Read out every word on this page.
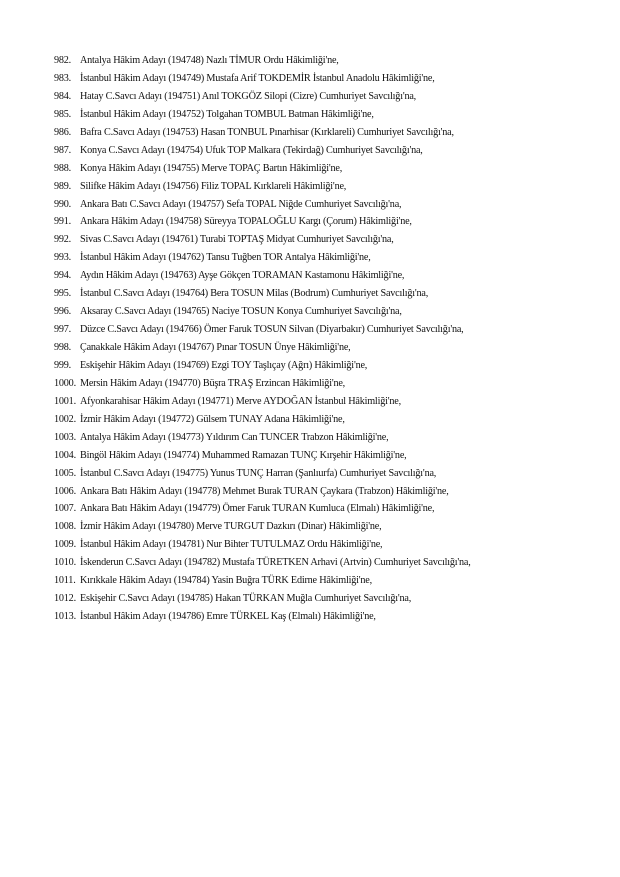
982. Antalya Hâkim Adayı (194748) Nazlı TİMUR Ordu Hâkimliği'ne,
983. İstanbul Hâkim Adayı (194749) Mustafa Arif TOKDEMİR İstanbul Anadolu Hâkimliği'ne,
984. Hatay C.Savcı Adayı (194751) Anıl TOKGÖZ Silopi (Cizre) Cumhuriyet Savcılığı'na,
985. İstanbul Hâkim Adayı (194752) Tolgahan TOMBUL Batman Hâkimliği'ne,
986. Bafra C.Savcı Adayı (194753) Hasan TONBUL Pınarhisar (Kırklareli) Cumhuriyet Savcılığı'na,
987. Konya C.Savcı Adayı (194754) Ufuk TOP Malkara (Tekirdağ) Cumhuriyet Savcılığı'na,
988. Konya Hâkim Adayı (194755) Merve TOPAÇ Bartın Hâkimliği'ne,
989. Silifke Hâkim Adayı (194756) Filiz TOPAL Kırklareli Hâkimliği'ne,
990. Ankara Batı C.Savcı Adayı (194757) Sefa TOPAL Niğde Cumhuriyet Savcılığı'na,
991. Ankara Hâkim Adayı (194758) Süreyya TOPALOĞLU Kargı (Çorum) Hâkimliği'ne,
992. Sivas C.Savcı Adayı (194761) Turabi TOPTAŞ Midyat Cumhuriyet Savcılığı'na,
993. İstanbul Hâkim Adayı (194762) Tansu Tuğben TOR Antalya Hâkimliği'ne,
994. Aydın Hâkim Adayı (194763) Ayşe Gökçen TORAMAN Kastamonu Hâkimliği'ne,
995. İstanbul C.Savcı Adayı (194764) Bera TOSUN Milas (Bodrum) Cumhuriyet Savcılığı'na,
996. Aksaray C.Savcı Adayı (194765) Naciye TOSUN Konya Cumhuriyet Savcılığı'na,
997. Düzce C.Savcı Adayı (194766) Ömer Faruk TOSUN Silvan (Diyarbakır) Cumhuriyet Savcılığı'na,
998. Çanakkale Hâkim Adayı (194767) Pınar TOSUN Ünye Hâkimliği'ne,
999. Eskişehir Hâkim Adayı (194769) Ezgi TOY Taşlıçay (Ağrı) Hâkimliği'ne,
1000. Mersin Hâkim Adayı (194770) Büşra TRAŞ Erzincan Hâkimliği'ne,
1001. Afyonkarahisar Hâkim Adayı (194771) Merve AYDOĞAN İstanbul Hâkimliği'ne,
1002. İzmir Hâkim Adayı (194772) Gülsem TUNAY Adana Hâkimliği'ne,
1003. Antalya Hâkim Adayı (194773) Yıldırım Can TUNCER Trabzon Hâkimliği'ne,
1004. Bingöl Hâkim Adayı (194774) Muhammed Ramazan TUNÇ Kırşehir Hâkimliği'ne,
1005. İstanbul C.Savcı Adayı (194775) Yunus TUNÇ Harran (Şanlıurfa) Cumhuriyet Savcılığı'na,
1006. Ankara Batı Hâkim Adayı (194778) Mehmet Burak TURAN Çaykara (Trabzon) Hâkimliği'ne,
1007. Ankara Batı Hâkim Adayı (194779) Ömer Faruk TURAN Kumluca (Elmalı) Hâkimliği'ne,
1008. İzmir Hâkim Adayı (194780) Merve TURGUT Dazkırı (Dinar) Hâkimliği'ne,
1009. İstanbul Hâkim Adayı (194781) Nur Bihter TUTULMAZ Ordu Hâkimliği'ne,
1010. İskenderun C.Savcı Adayı (194782) Mustafa TÜRETKEN Arhavi (Artvin) Cumhuriyet Savcılığı'na,
1011. Kırıkkale Hâkim Adayı (194784) Yasin Buğra TÜRK Edirne Hâkimliği'ne,
1012. Eskişehir C.Savcı Adayı (194785) Hakan TÜRKAN Muğla Cumhuriyet Savcılığı'na,
1013. İstanbul Hâkim Adayı (194786) Emre TÜRKEL Kaş (Elmalı) Hâkimliği'ne,
